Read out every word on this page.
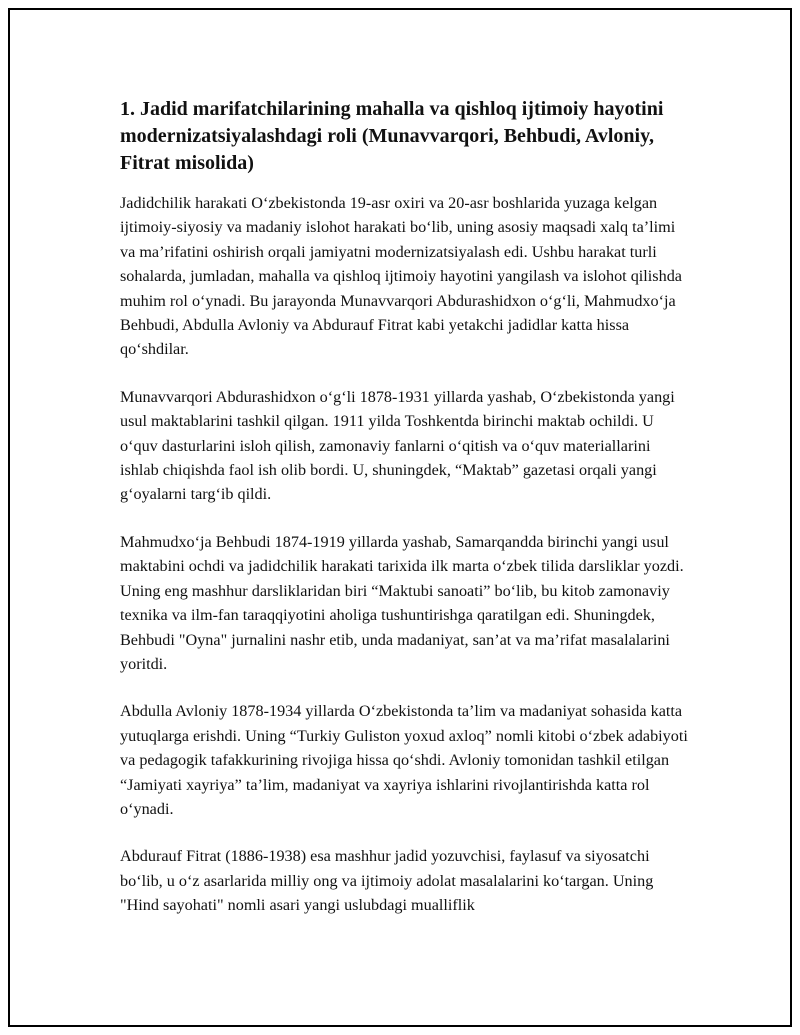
1. Jadid marifatchilarining mahalla va qishloq ijtimoiy hayotini modernizatsiyalashdagi roli (Munavvarqori, Behbudi, Avloniy, Fitrat misolida)

Jadidchilik harakati O‘zbekistonda 19-asr oxiri va 20-asr boshlarida yuzaga kelgan ijtimoiy-siyosiy va madaniy islohot harakati bo‘lib, uning asosiy maqsadi xalq ta’limi va ma’rifatini oshirish orqali jamiyatni modernizatsiyalash edi. Ushbu harakat turli sohalarda, jumladan, mahalla va qishloq ijtimoiy hayotini yangilash va islohot qilishda muhim rol o‘ynadi. Bu jarayonda Munavvarqori Abdurashidxon o‘g‘li, Mahmudxo‘ja Behbudi, Abdulla Avloniy va Abdurauf Fitrat kabi yetakchi jadidlar katta hissa qo‘shdilar.

Munavvarqori Abdurashidxon o‘g‘li 1878-1931 yillarda yashab, O‘zbekistonda yangi usul maktablarini tashkil qilgan. 1911 yilda Toshkentda birinchi maktab ochildi. U o‘quv dasturlarini isloh qilish, zamonaviy fanlarni o‘qitish va o‘quv materiallarini ishlab chiqishda faol ish olib bordi. U, shuningdek, “Maktab” gazetasi orqali yangi g‘oyalarni targ‘ib qildi.

Mahmudxo‘ja Behbudi 1874-1919 yillarda yashab, Samarqandda birinchi yangi usul maktabini ochdi va jadidchilik harakati tarixida ilk marta o‘zbek tilida darsliklar yozdi. Uning eng mashhur darsliklaridan biri “Maktubi sanoati” bo‘lib, bu kitob zamonaviy texnika va ilm-fan taraqqiyotini aholiga tushuntirishga qaratilgan edi. Shuningdek, Behbudi "Oyna" jurnalini nashr etib, unda madaniyat, san’at va ma’rifat masalalarini yoritdi.

Abdulla Avloniy 1878-1934 yillarda O‘zbekistonda ta’lim va madaniyat sohasida katta yutuqlarga erishdi. Uning “Turkiy Guliston yoxud axloq” nomli kitobi o‘zbek adabiyoti va pedagogik tafakkurining rivojiga hissa qo‘shdi. Avloniy tomonidan tashkil etilgan “Jamiyati xayriya” ta’lim, madaniyat va xayriya ishlarini rivojlantirishda katta rol o‘ynadi.

Abdurauf Fitrat (1886-1938) esa mashhur jadid yozuvchisi, faylasuf va siyosatchi bo‘lib, u o‘z asarlarida milliy ong va ijtimoiy adolat masalalarini ko‘targan. Uning "Hind sayohati" nomli asari yangi uslubdagi mualliflik
